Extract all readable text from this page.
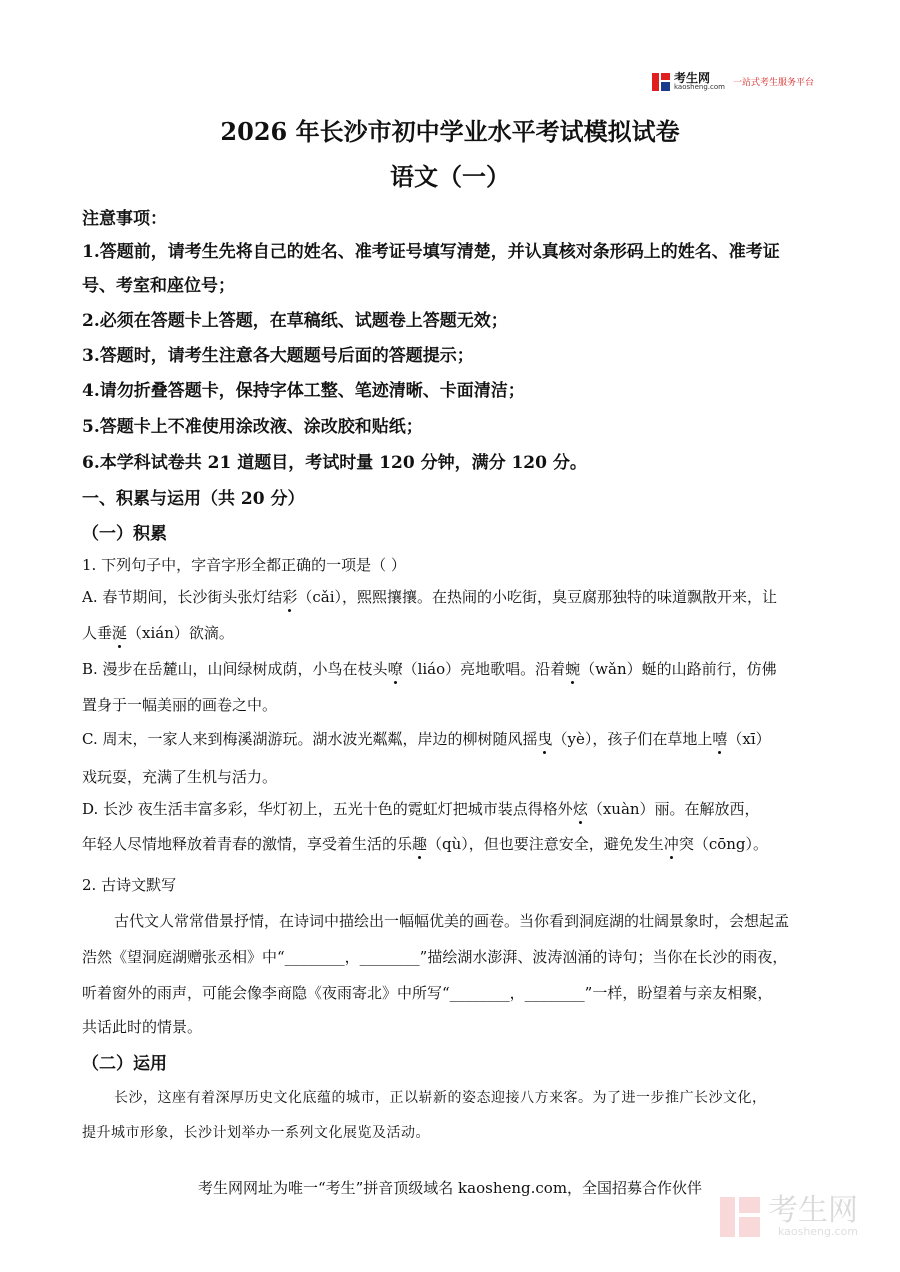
考生网
kaosheng.com 一站式考生服务平台
2026 年长沙市初中学业水平考试模拟试卷
语文（一）
注意事项：
1.答题前，请考生先将自己的姓名、准考证号填写清楚，并认真核对条形码上的姓名、准考证
号、考室和座位号；
2.必须在答题卡上答题，在草稿纸、试题卷上答题无效；
3.答题时，请考生注意各大题题号后面的答题提示；
4.请勿折叠答题卡，保持字体工整、笔迹清晰、卡面清洁；
5.答题卡上不准使用涂改液、涂改胶和贴纸；
6.本学科试卷共 21 道题目，考试时量 120 分钟，满分 120 分。
一、积累与运用（共 20 分）
（一）积累
1. 下列句子中，字音字形全都正确的一项是（ ）
A. 春节期间，长沙街头张灯结彩（cǎi），熙熙攘攘。在热闹的小吃街，臭豆腐那独特的味道飘散开来，让
人垂涎（xián）欲滴。
B. 漫步在岳麓山，山间绿树成荫，小鸟在枝头嘹（liáo）亮地歌唱。沿着蜿（wǎn）蜒的山路前行，仿佛
置身于一幅美丽的画卷之中。
C. 周末，一家人来到梅溪湖游玩。湖水波光粼粼，岸边的柳树随风摇曳（yè），孩子们在草地上嘻（xī）
戏玩耍，充满了生机与活力。
D. 长沙 夜生活丰富多彩，华灯初上，五光十色的霓虹灯把城市装点得格外炫（xuàn）丽。在解放西，
年轻人尽情地释放着青春的激情，享受着生活的乐趣（qù），但也要注意安全，避免发生冲突（cōng）。
2. 古诗文默写
古代文人常常借景抒情，在诗词中描绘出一幅幅优美的画卷。当你看到洞庭湖的壮阔景象时，会想起孟
浩然《望洞庭湖赠张丞相》中“________，________”描绘湖水澎湃、波涛汹涌的诗句；当你在长沙的雨夜，
听着窗外的雨声，可能会像李商隐《夜雨寄北》中所写“________，________”一样，盼望着与亲友相聚，
共话此时的情景。
（二）运用
长沙，这座有着深厚历史文化底蕴的城市，正以崭新的姿态迎接八方来客。为了进一步推广长沙文化，
提升城市形象，长沙计划举办一系列文化展览及活动。
考生网网址为唯一“考生”拼音顶级域名 kaosheng.com，全国招募合作伙伴
考生网
kaosheng.com
